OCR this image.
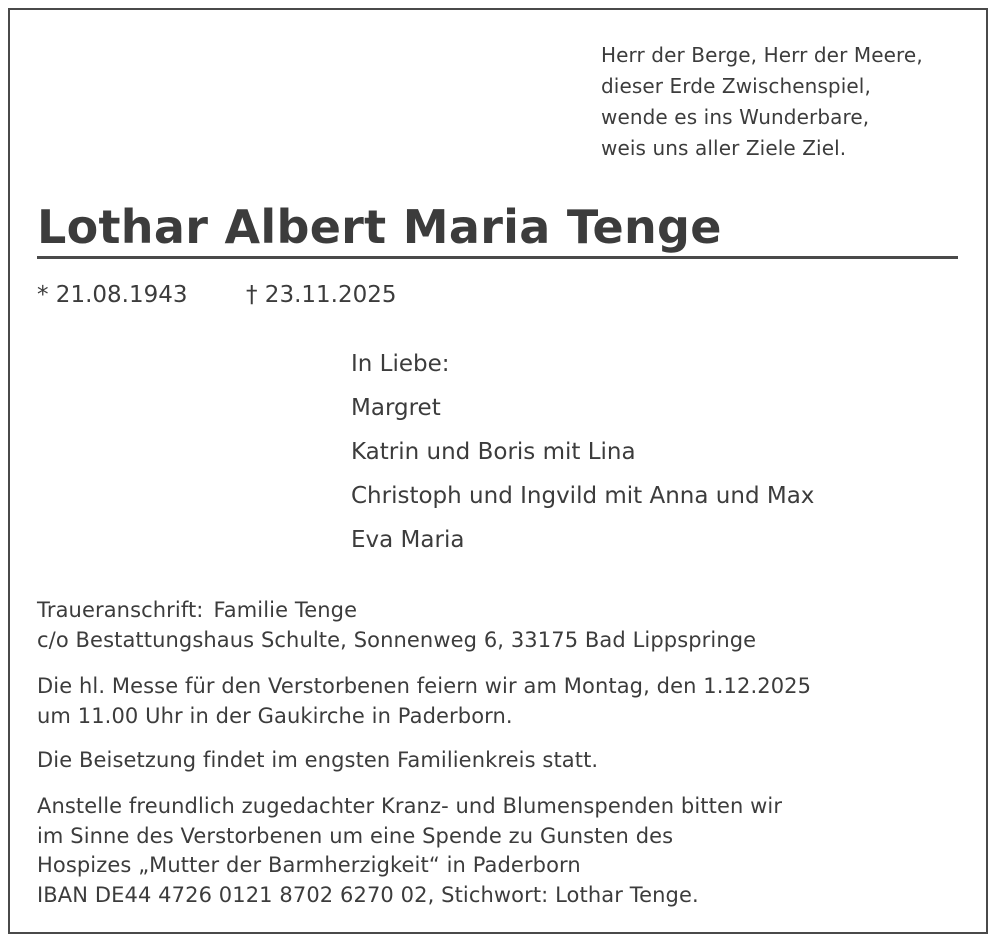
Herr der Berge, Herr der Meere,
dieser Erde Zwischenspiel,
wende es ins Wunderbare,
weis uns aller Ziele Ziel.
Lothar Albert Maria Tenge
* 21.08.1943	† 23.11.2025
In Liebe:
Margret
Katrin und Boris mit Lina
Christoph und Ingvild mit Anna und Max
Eva Maria
Traueranschrift: Familie Tenge
c/o Bestattungshaus Schulte, Sonnenweg 6, 33175 Bad Lippspringe
Die hl. Messe für den Verstorbenen feiern wir am Montag, den 1.12.2025
um 11.00 Uhr in der Gaukirche in Paderborn.
Die Beisetzung findet im engsten Familienkreis statt.
Anstelle freundlich zugedachter Kranz- und Blumenspenden bitten wir
im Sinne des Verstorbenen um eine Spende zu Gunsten des
Hospizes „Mutter der Barmherzigkeit“ in Paderborn
IBAN DE44 4726 0121 8702 6270 02, Stichwort: Lothar Tenge.
